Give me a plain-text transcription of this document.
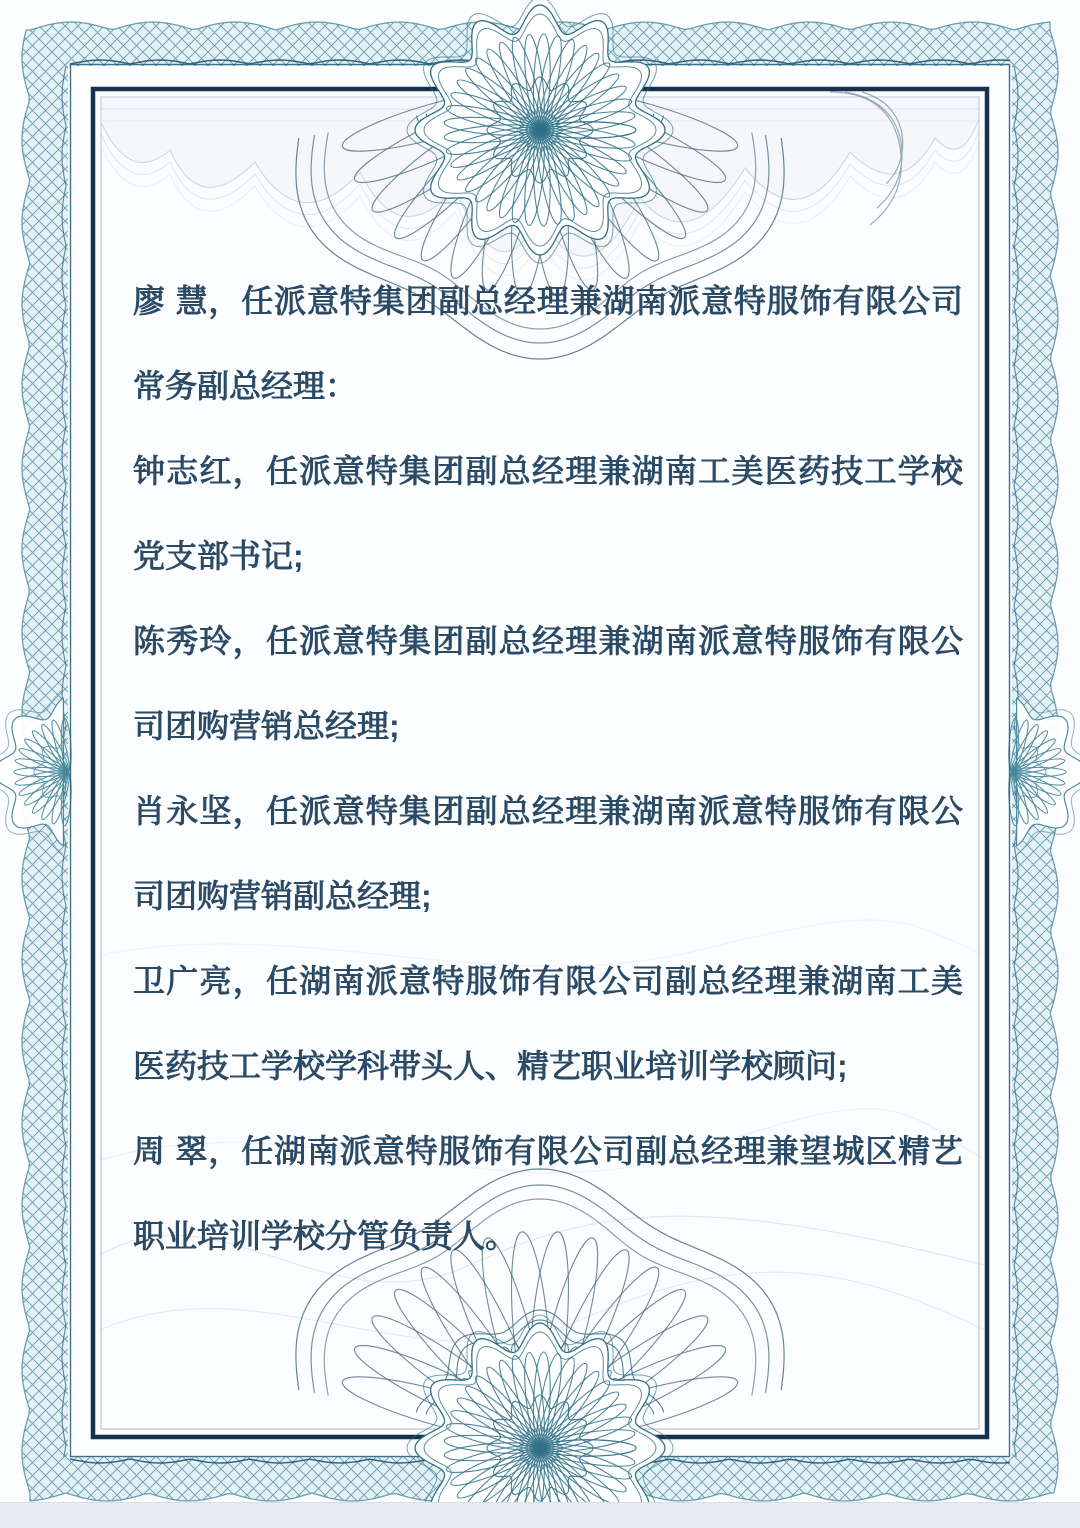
廖 慧，任派意特集团副总经理兼湖南派意特服饰有限公司常务副总经理：

钟志红，任派意特集团副总经理兼湖南工美医药技工学校党支部书记;

陈秀玲，任派意特集团副总经理兼湖南派意特服饰有限公司团购营销总经理;

肖永坚，任派意特集团副总经理兼湖南派意特服饰有限公司团购营销副总经理;

卫广亮，任湖南派意特服饰有限公司副总经理兼湖南工美医药技工学校学科带头人、精艺职业培训学校顾问;

周 翠，任湖南派意特服饰有限公司副总经理兼望城区精艺职业培训学校分管负责人。
